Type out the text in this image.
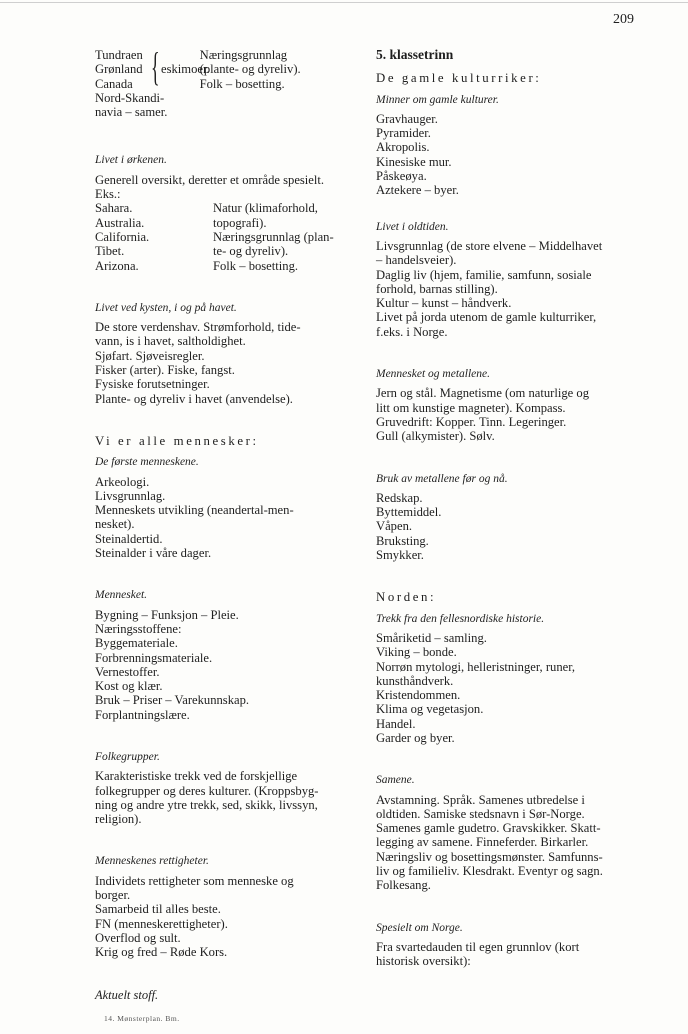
209
Tundraen
Grønland
Canada { eskimoer.
Nord-Skandi-
navia – samer.
Næringsgrunnlag
(plante- og dyreliv).
Folk – bosetting.
Livet i ørkenen.
Generell oversikt, deretter et område spesielt.
Eks.:
Sahara.
Australia.
California.
Tibet.
Arizona.
Natur (klimaforhold,
topografi).
Næringsgrunnlag (plan-
te- og dyreliv).
Folk – bosetting.
Livet ved kysten, i og på havet.
De store verdenshav. Strømforhold, tide-
vann, is i havet, saltholdighet.
Sjøfart. Sjøveisregler.
Fisker (arter). Fiske, fangst.
Fysiske forutsetninger.
Plante- og dyreliv i havet (anvendelse).
Vi er alle mennesker:
De første menneskene.
Arkeologi.
Livsgrunnlag.
Menneskets utvikling (neandertal-men-
nesket).
Steinaldertid.
Steinalder i våre dager.
Mennesket.
Bygning – Funksjon – Pleie.
Næringsstoffene:
Byggemateriale.
Forbrenningsmateriale.
Vernestoffer.
Kost og klær.
Bruk – Priser – Varekunnskap.
Forplantningslære.
Folkegrupper.
Karakteristiske trekk ved de forskjellige
folkegrupper og deres kulturer. (Kroppsbyg-
ning og andre ytre trekk, sed, skikk, livssyn,
religion).
Menneskenes rettigheter.
Individets rettigheter som menneske og
borger.
Samarbeid til alles beste.
FN (menneskerettigheter).
Overflod og sult.
Krig og fred – Røde Kors.
Aktuelt stoff.
14. Mønsterplan. Bm.
5. klassetrinn
De gamle kulturriker:
Minner om gamle kulturer.
Gravhauger.
Pyramider.
Akropolis.
Kinesiske mur.
Påskeøya.
Aztekere – byer.
Livet i oldtiden.
Livsgrunnlag (de store elvene – Middelhavet
– handelsveier).
Daglig liv (hjem, familie, samfunn, sosiale
forhold, barnas stilling).
Kultur – kunst – håndverk.
Livet på jorda utenom de gamle kulturriker,
f.eks. i Norge.
Mennesket og metallene.
Jern og stål. Magnetisme (om naturlige og
litt om kunstige magneter). Kompass.
Gruvedrift: Kopper. Tinn. Legeringer.
Gull (alkymister). Sølv.
Bruk av metallene før og nå.
Redskap.
Byttemiddel.
Våpen.
Bruksting.
Smykker.
Norden:
Trekk fra den fellesnordiske historie.
Småriketid – samling.
Viking – bonde.
Norrøn mytologi, helleristninger, runer,
kunsthåndverk.
Kristendommen.
Klima og vegetasjon.
Handel.
Garder og byer.
Samene.
Avstamning. Språk. Samenes utbredelse i
oldtiden. Samiske stedsnavn i Sør-Norge.
Samenes gamle gudetro. Gravskikker. Skatt-
legging av samene. Finneferder. Birkarler.
Næringsliv og bosettingsmønster. Samfunns-
liv og familieliv. Klesdrakt. Eventyr og sagn.
Folkesang.
Spesielt om Norge.
Fra svartedauden til egen grunnlov (kort
historisk oversikt):
